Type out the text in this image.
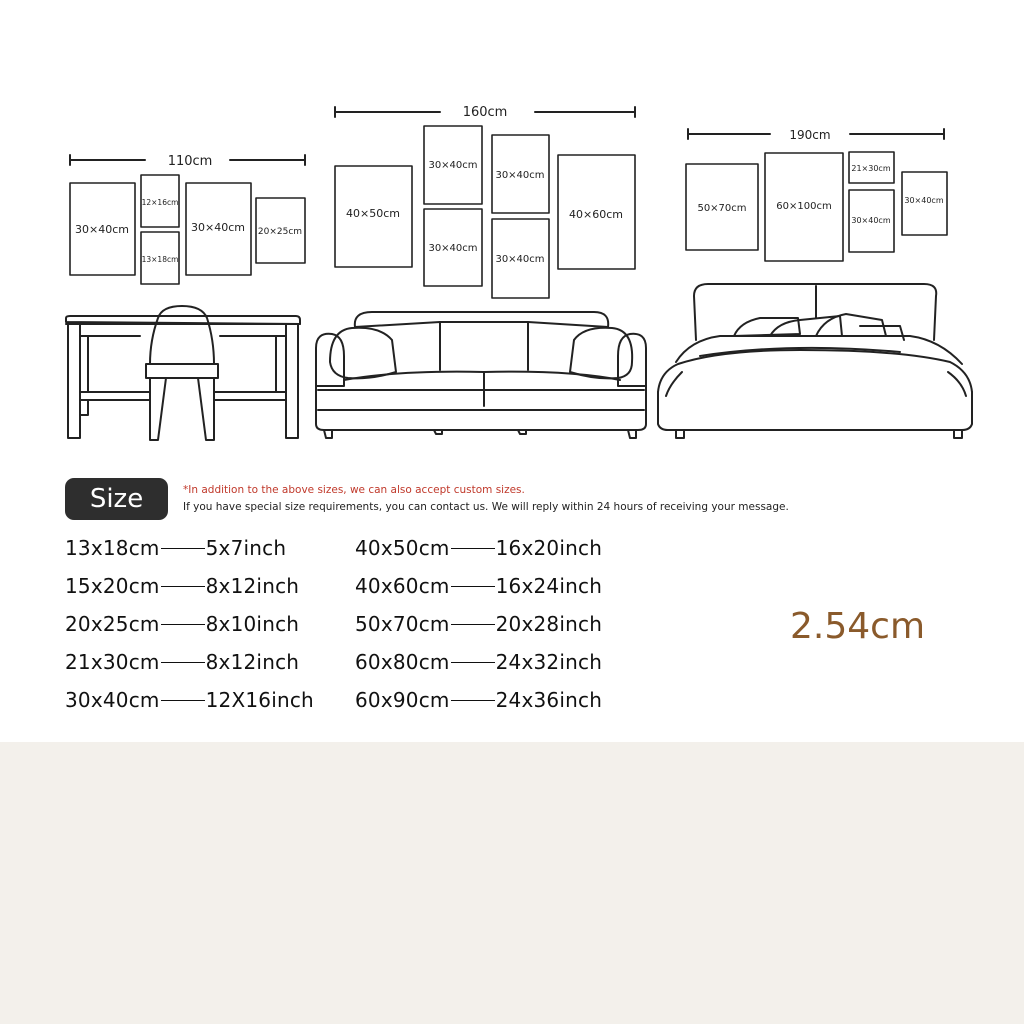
110cm
160cm
190cm
30×40cm
12×16cm
13×18cm
30×40cm 20×25cm
40×50cm
30×40cm
30×40cm
30×40cm
30×40cm
40×60cm	50×70cm	60×100cm
21×30cm
30×40cm
30×40cm
Size	*In addition to the above sizes, we can also accept custom sizes.
If you have special size requirements, you can contact us. We will reply within 24 hours of receiving your message.
13x18cm 5x7inch
15x20cm 8x12inch
20x25cm 8x10inch
21x30cm 8x12inch
30x40cm 12X16inch
40x50cm 16x20inch
40x60cm 16x24inch
50x70cm 20x28inch
60x80cm 24x32inch
60x90cm 24x36inch
2.54cm
